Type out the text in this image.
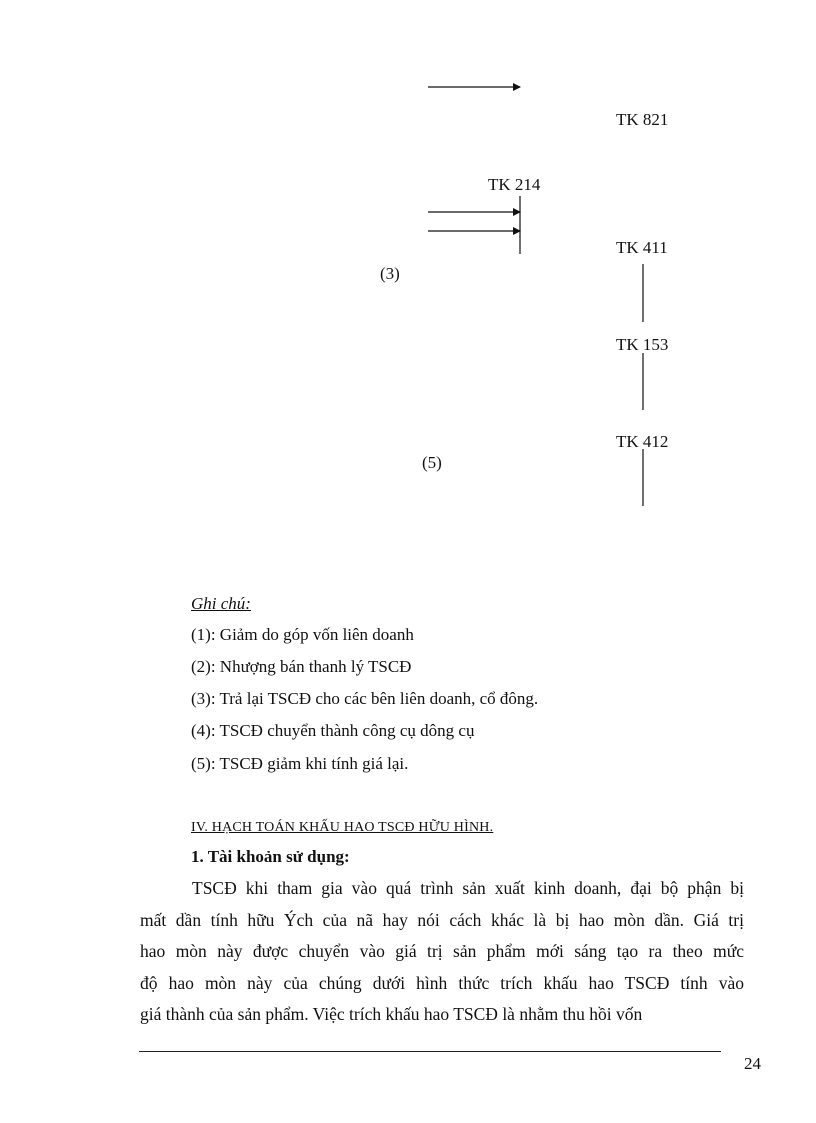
TK 821
TK 214
TK 411
TK 153
TK 412
(3)
(5)
Ghi chú:
(1): Giảm do góp vốn liên doanh
(2): Nhượng bán thanh lý TSCĐ
(3): Trả lại TSCĐ cho các bên liên doanh, cổ đông.
(4): TSCĐ chuyển thành công cụ dông cụ
(5): TSCĐ giảm khi tính giá lại.
IV. HẠCH TOÁN KHẤU HAO TSCĐ HỮU HÌNH.
1. Tài khoản sử dụng:
TSCĐ khi tham gia vào quá trình sản xuất kinh doanh, đại bộ phận bị
mất dần tính hữu Ých của nã hay nói cách khác là bị hao mòn dần. Giá trị
hao mòn này được chuyển vào giá trị sản phẩm mới sáng tạo ra theo mức
độ hao mòn này của chúng dưới hình thức trích khấu hao TSCĐ tính vào
giá thành của sản phẩm. Việc trích khấu hao TSCĐ là nhằm thu hồi vốn
24
